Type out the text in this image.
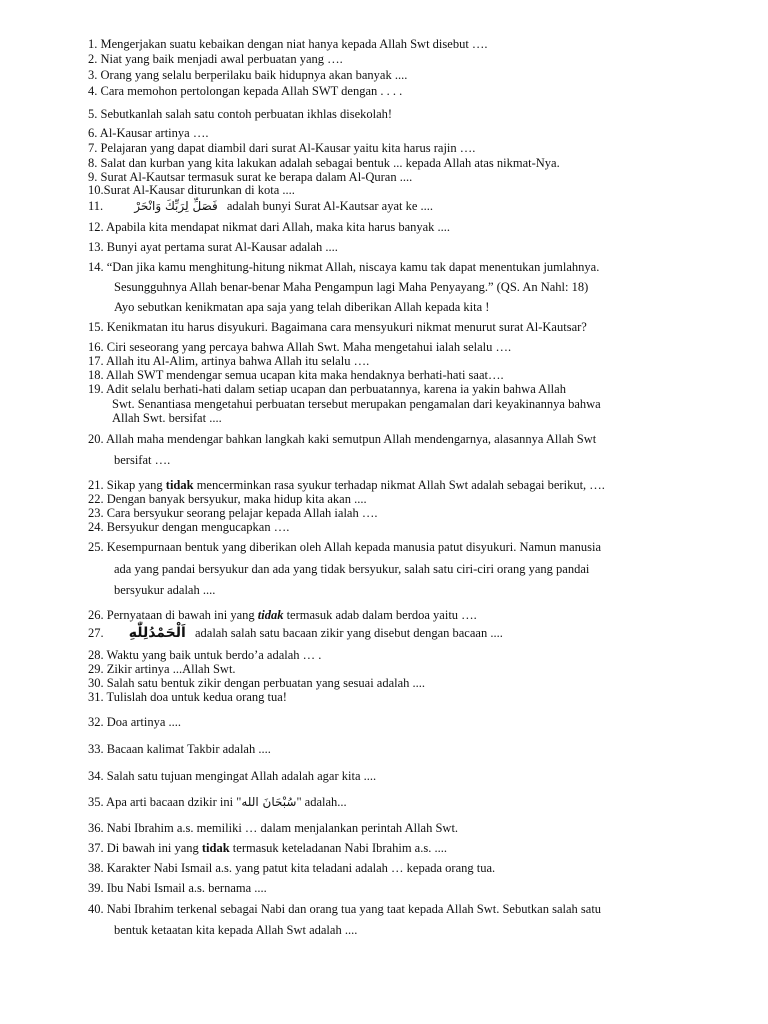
1. Mengerjakan suatu kebaikan dengan niat hanya kepada Allah Swt disebut ….
2. Niat yang baik menjadi awal perbuatan yang ….
3. Orang yang selalu berperilaku baik hidupnya akan banyak ....
4. Cara memohon pertolongan kepada Allah SWT dengan . . . .
5. Sebutkanlah salah satu contoh perbuatan ikhlas disekolah!
6. Al-Kausar artinya ….
7. Pelajaran yang dapat diambil dari surat Al-Kausar yaitu kita harus rajin ….
8. Salat dan kurban yang kita lakukan adalah sebagai bentuk ... kepada Allah atas nikmat-Nya.
9. Surat Al-Kautsar termasuk surat ke berapa dalam Al-Quran ....
10.Surat Al-Kausar diturunkan di kota ....
11.	فَصَلِّ لِرَبِّكَ وَانْحَرْ adalah bunyi Surat Al-Kautsar ayat ke ....
12. Apabila kita mendapat nikmat dari Allah, maka kita harus banyak ....
13. Bunyi ayat pertama surat Al-Kausar adalah ....
14. “Dan jika kamu menghitung-hitung nikmat Allah, niscaya kamu tak dapat menentukan jumlahnya.
Sesungguhnya Allah benar-benar Maha Pengampun lagi Maha Penyayang.” (QS. An Nahl: 18)
Ayo sebutkan kenikmatan apa saja yang telah diberikan Allah kepada kita !
15. Kenikmatan itu harus disyukuri. Bagaimana cara mensyukuri nikmat menurut surat Al-Kautsar?
16. Ciri seseorang yang percaya bahwa Allah Swt. Maha mengetahui ialah selalu ….
17. Allah itu Al-Alim, artinya bahwa Allah itu selalu ….
18. Allah SWT mendengar semua ucapan kita maka hendaknya berhati-hati saat….
19. Adit selalu berhati-hati dalam setiap ucapan dan perbuatannya, karena ia yakin bahwa Allah
Swt. Senantiasa mengetahui perbuatan tersebut merupakan pengamalan dari keyakinannya bahwa
Allah Swt. bersifat ....
20. Allah maha mendengar bahkan langkah kaki semutpun Allah mendengarnya, alasannya Allah Swt
bersifat ….
21. Sikap yang tidak mencerminkan rasa syukur terhadap nikmat Allah Swt adalah sebagai berikut, ….
22. Dengan banyak bersyukur, maka hidup kita akan ....
23. Cara bersyukur seorang pelajar kepada Allah ialah ….
24. Bersyukur dengan mengucapkan ….
25. Kesempurnaan bentuk yang diberikan oleh Allah kepada manusia patut disyukuri. Namun manusia
ada yang pandai bersyukur dan ada yang tidak bersyukur, salah satu ciri-ciri orang yang pandai
bersyukur adalah ....
26. Pernyataan di bawah ini yang tidak termasuk adab dalam berdoa yaitu ….
27. اَلْحَمْدُلِلّٰهِ adalah salah satu bacaan zikir yang disebut dengan bacaan ....
28. Waktu yang baik untuk berdo’a adalah … .
29. Zikir artinya ...Allah Swt.
30. Salah satu bentuk zikir dengan perbuatan yang sesuai adalah ....
31. Tulislah doa untuk kedua orang tua!
32. Doa artinya ....
33. Bacaan kalimat Takbir adalah ....
34. Salah satu tujuan mengingat Allah adalah agar kita ....
35. Apa arti bacaan dzikir ini "سُبْحَانَ الله" adalah...
36. Nabi Ibrahim a.s. memiliki … dalam menjalankan perintah Allah Swt.
37. Di bawah ini yang tidak termasuk keteladanan Nabi Ibrahim a.s. ....
38. Karakter Nabi Ismail a.s. yang patut kita teladani adalah … kepada orang tua.
39. Ibu Nabi Ismail a.s. bernama ....
40. Nabi Ibrahim terkenal sebagai Nabi dan orang tua yang taat kepada Allah Swt. Sebutkan salah satu
bentuk ketaatan kita kepada Allah Swt adalah ....
